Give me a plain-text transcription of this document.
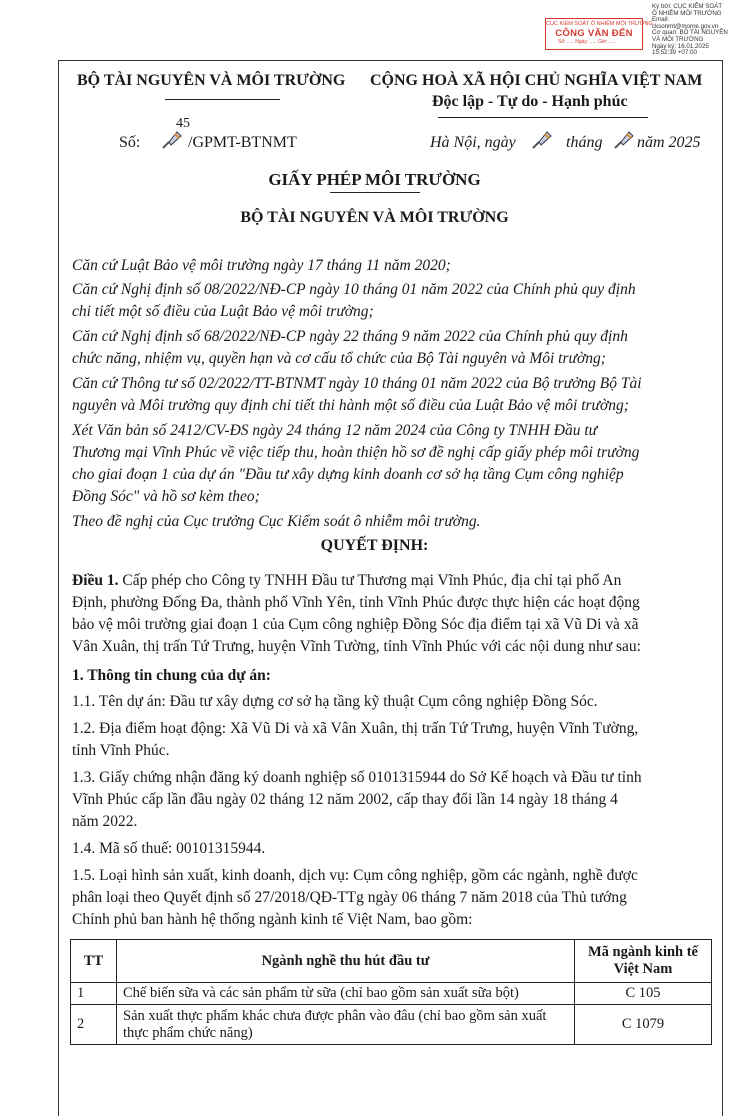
Ký bởi: CỤC KIỂM SOÁT
Ô NHIỄM MÔI TRƯỜNG
Email:
cksonmt@monre.gov.vn
Cơ quan: BỘ TÀI NGUYÊN
VÀ MÔI TRƯỜNG
Ngày ký: 16.01.2025
15:52:39 +07:00
CỤC KIỂM SOÁT Ô NHIỄM MÔI TRƯỜNG
CÔNG VĂN ĐẾN
Số: ..... Ngày: ..... Giờ: .....
BỘ TÀI NGUYÊN VÀ MÔI TRƯỜNG CỘNG HOÀ XÃ HỘI CHỦ NGHĨA VIỆT NAM
Độc lập - Tự do - Hạnh phúc
Số:
45
/GPMT-BTNMT	Hà Nội, ngày	tháng năm 2025
GIẤY PHÉP MÔI TRƯỜNG
BỘ TÀI NGUYÊN VÀ MÔI TRƯỜNG
Căn cứ Luật Bảo vệ môi trường ngày 17 tháng 11 năm 2020;
Căn cứ Nghị định số 08/2022/NĐ-CP ngày 10 tháng 01 năm 2022 của Chính phủ quy định
chi tiết một số điều của Luật Bảo vệ môi trường;
Căn cứ Nghị định số 68/2022/NĐ-CP ngày 22 tháng 9 năm 2022 của Chính phủ quy định
chức năng, nhiệm vụ, quyền hạn và cơ cấu tổ chức của Bộ Tài nguyên và Môi trường;
Căn cứ Thông tư số 02/2022/TT-BTNMT ngày 10 tháng 01 năm 2022 của Bộ trưởng Bộ Tài
nguyên và Môi trường quy định chi tiết thi hành một số điều của Luật Bảo vệ môi trường;
Xét Văn bản số 2412/CV-ĐS ngày 24 tháng 12 năm 2024 của Công ty TNHH Đầu tư
Thương mại Vĩnh Phúc về việc tiếp thu, hoàn thiện hồ sơ đề nghị cấp giấy phép môi trường
cho giai đoạn 1 của dự án "Đầu tư xây dựng kinh doanh cơ sở hạ tầng Cụm công nghiệp
Đồng Sóc" và hồ sơ kèm theo;
Theo đề nghị của Cục trưởng Cục Kiểm soát ô nhiễm môi trường.
QUYẾT ĐỊNH:
Điều 1. Cấp phép cho Công ty TNHH Đầu tư Thương mại Vĩnh Phúc, địa chỉ tại phố An
Định, phường Đống Đa, thành phố Vĩnh Yên, tỉnh Vĩnh Phúc được thực hiện các hoạt động
bảo vệ môi trường giai đoạn 1 của Cụm công nghiệp Đồng Sóc địa điểm tại xã Vũ Di và xã
Vân Xuân, thị trấn Tứ Trưng, huyện Vĩnh Tường, tỉnh Vĩnh Phúc với các nội dung như sau:
1. Thông tin chung của dự án:
1.1. Tên dự án: Đầu tư xây dựng cơ sở hạ tầng kỹ thuật Cụm công nghiệp Đồng Sóc.
1.2. Địa điểm hoạt động: Xã Vũ Di và xã Vân Xuân, thị trấn Tứ Trưng, huyện Vĩnh Tường,
tỉnh Vĩnh Phúc.
1.3. Giấy chứng nhận đăng ký doanh nghiệp số 0101315944 do Sở Kế hoạch và Đầu tư tỉnh
Vĩnh Phúc cấp lần đầu ngày 02 tháng 12 năm 2002, cấp thay đổi lần 14 ngày 18 tháng 4
năm 2022.
1.4. Mã số thuế: 00101315944.
1.5. Loại hình sản xuất, kinh doanh, dịch vụ: Cụm công nghiệp, gồm các ngành, nghề được
phân loại theo Quyết định số 27/2018/QĐ-TTg ngày 06 tháng 7 năm 2018 của Thủ tướng
Chính phủ ban hành hệ thống ngành kinh tế Việt Nam, bao gồm:
TT	Ngành nghề thu hút đầu tư	Mã ngành kinh tế Việt Nam
1	Chế biến sữa và các sản phẩm từ sữa (chỉ bao gồm sản xuất sữa bột)	C 105
2	Sản xuất thực phẩm khác chưa được phân vào đâu (chỉ bao gồm sản xuất thực phẩm chức năng)	C 1079
